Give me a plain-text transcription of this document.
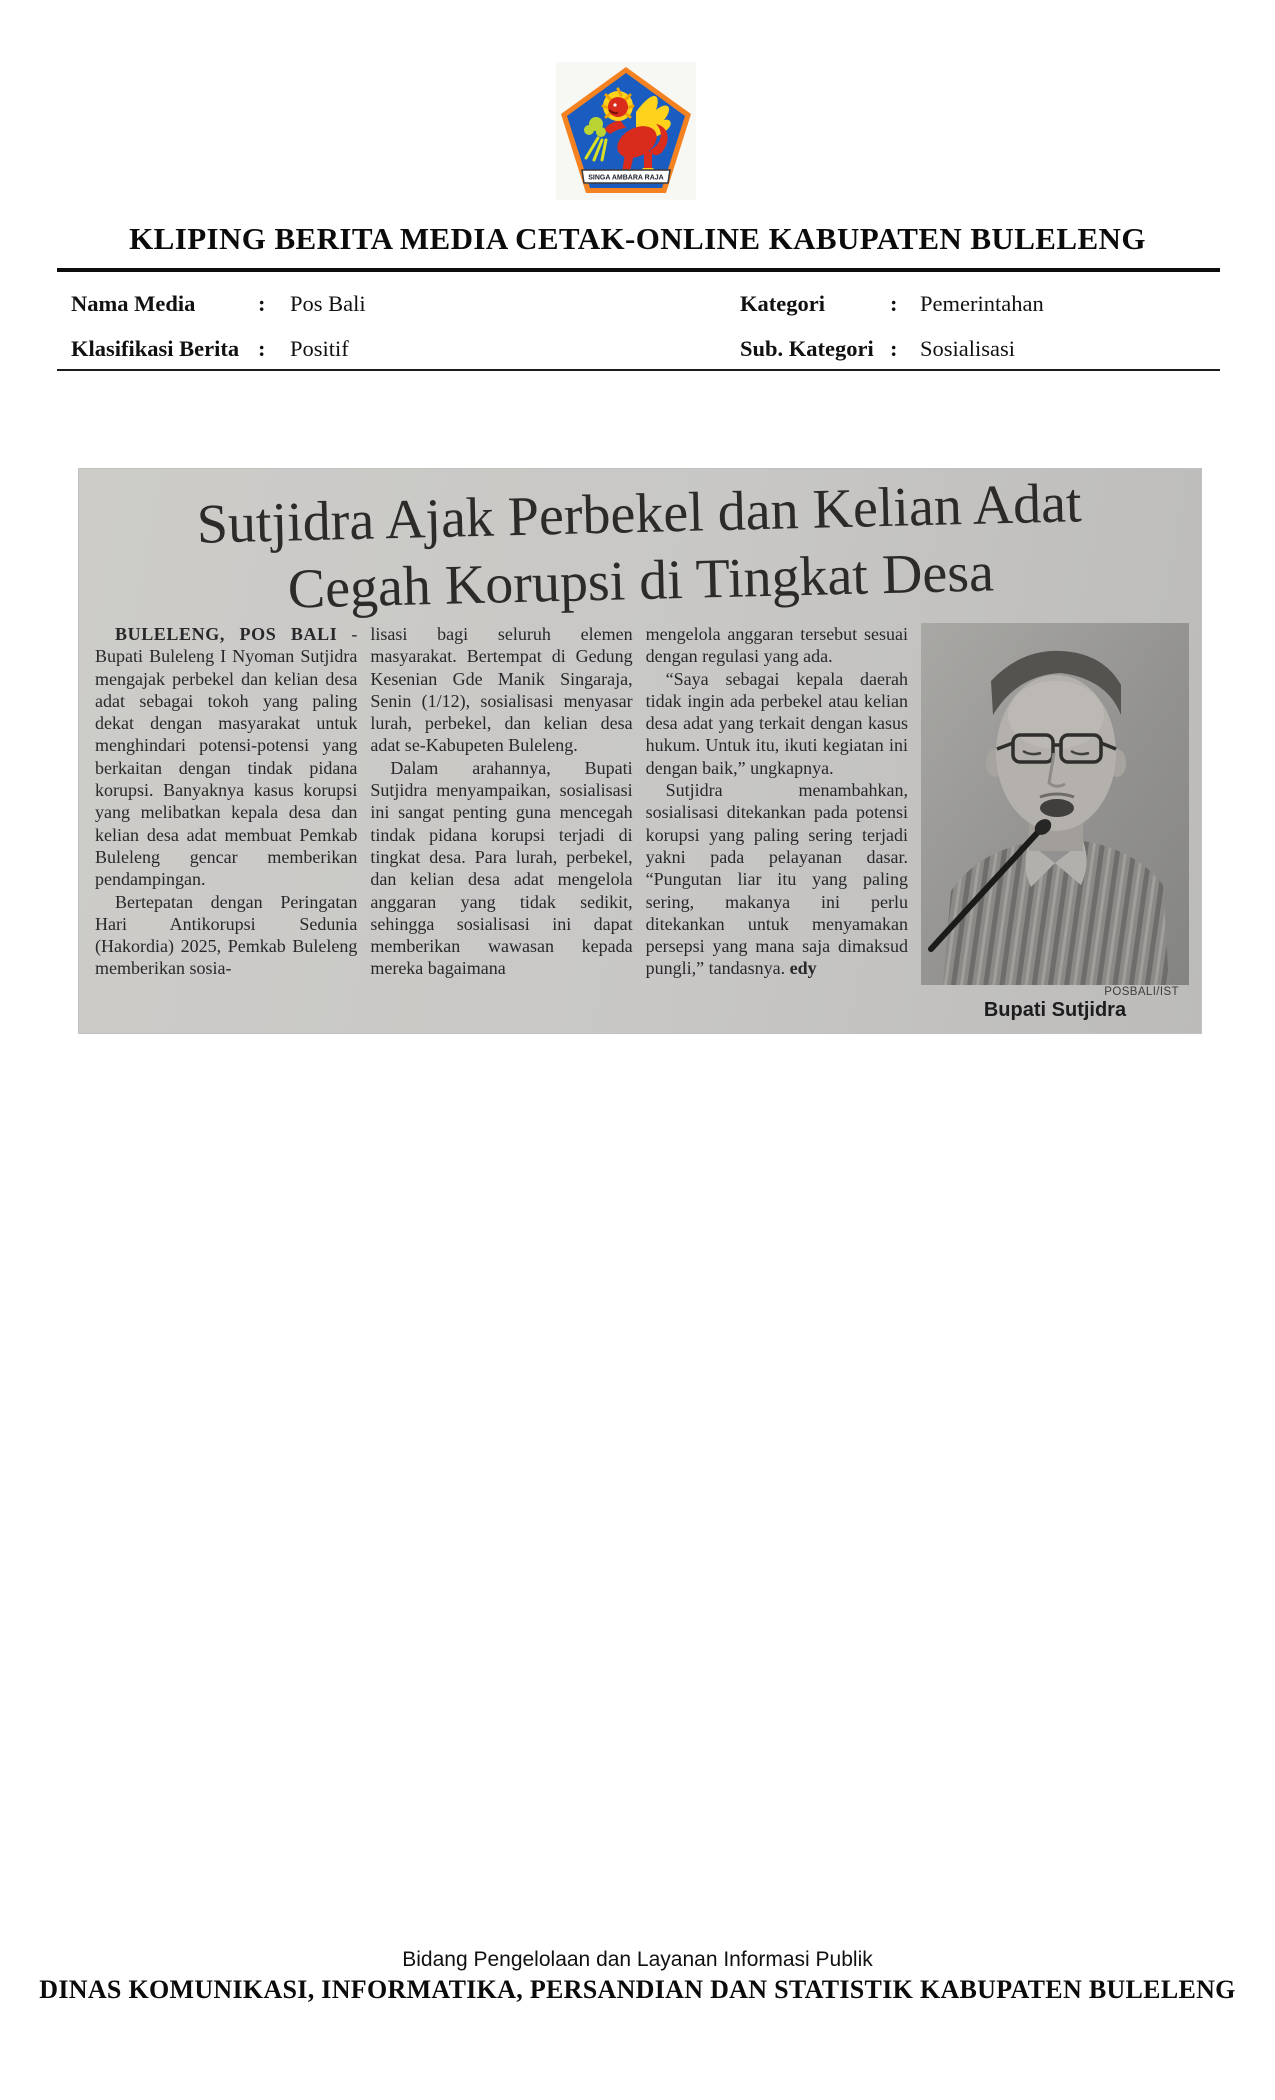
SINGA AMBARA RAJA
KLIPING BERITA MEDIA CETAK-ONLINE KABUPATEN BULELENG
Nama Media	:	Pos Bali	Kategori	:	Pemerintahan
Klasifikasi Berita :	Positif	Sub. Kategori :	Sosialisasi
Sutjidra Ajak Perbekel dan Kelian Adat
Cegah Korupsi di Tingkat Desa

BULELENG, POS BALI - Bupati Buleleng I Nyoman Sutjidra mengajak perbekel dan kelian desa adat sebagai tokoh yang paling dekat dengan masyarakat untuk menghindari potensi-potensi yang berkaitan dengan tindak pidana korupsi. Banyaknya kasus korupsi yang melibatkan kepala desa dan kelian desa adat membuat Pemkab Buleleng gencar memberikan pendampingan.

Bertepatan dengan Peringatan Hari Antikorupsi Sedunia (Hakordia) 2025, Pemkab Buleleng memberikan sosia-

lisasi bagi seluruh elemen masyarakat. Bertempat di Gedung Kesenian Gde Manik Singaraja, Senin (1/12), sosialisasi menyasar lurah, perbekel, dan kelian desa adat se-Kabupeten Buleleng.

Dalam arahannya, Bupati Sutjidra menyampaikan, sosialisasi ini sangat penting guna mencegah tindak pidana korupsi terjadi di tingkat desa. Para lurah, perbekel, dan kelian desa adat mengelola anggaran yang tidak sedikit, sehingga sosialisasi ini dapat memberikan wawasan kepada mereka bagaimana

mengelola anggaran tersebut sesuai dengan regulasi yang ada.

“Saya sebagai kepala daerah tidak ingin ada perbekel atau kelian desa adat yang terkait dengan kasus hukum. Untuk itu, ikuti kegiatan ini dengan baik,” ungkapnya.

Sutjidra menambahkan, sosialisasi ditekankan pada potensi korupsi yang paling sering terjadi yakni pada pelayanan dasar. “Pungutan liar itu yang paling sering, makanya ini perlu ditekankan untuk menyamakan persepsi yang mana saja dimaksud pungli,” tandasnya. edy

POSBALI/IST
Bupati Sutjidra
Bidang Pengelolaan dan Layanan Informasi Publik
DINAS KOMUNIKASI, INFORMATIKA, PERSANDIAN DAN STATISTIK KABUPATEN BULELENG
